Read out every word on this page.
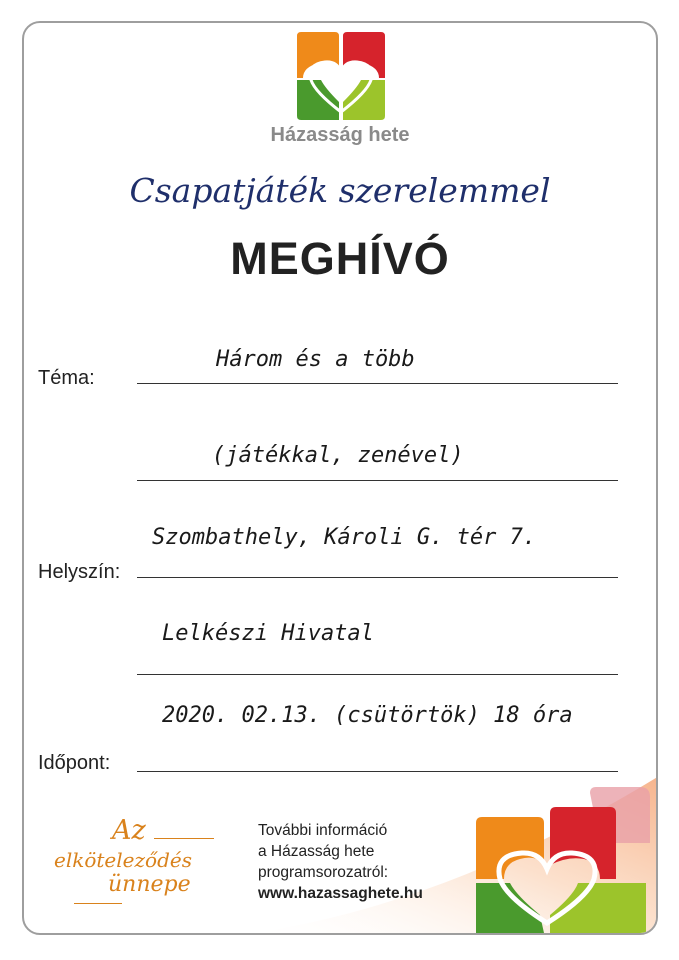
Házasság hete
Csapatjáték szerelemmel
MEGHÍVÓ
Téma:
Három és a több
(játékkal, zenével)
Helyszín:
Szombathely, Károli G. tér 7.
Lelkészi Hivatal
Időpont:
2020. 02.13. (csütörtök) 18 óra
Az
elköteleződés
ünnepe
További információ
a Házasság hete
programsorozatról:
www.hazassaghete.hu
